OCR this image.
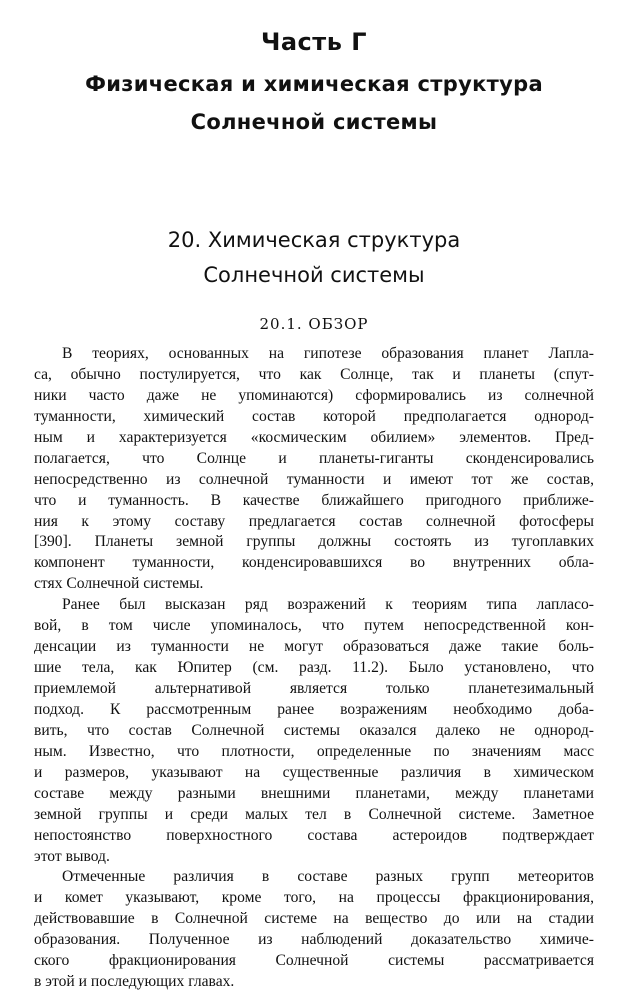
Часть Г
Физическая и химическая структура
Солнечной системы
20. Химическая структура
Солнечной системы
20.1. ОБЗОР
В теориях, основанных на гипотезе образования планет Лапла-
са, обычно постулируется, что как Солнце, так и планеты (спут-
ники часто даже не упоминаются) сформировались из солнечной
туманности, химический состав которой предполагается однород-
ным и характеризуется «космическим обилием» элементов. Пред-
полагается, что Солнце и планеты-гиганты сконденсировались
непосредственно из солнечной туманности и имеют тот же состав,
что и туманность. В качестве ближайшего пригодного приближе-
ния к этому составу предлагается состав солнечной фотосферы
[390]. Планеты земной группы должны состоять из тугоплавких
компонент туманности, конденсировавшихся во внутренних обла-
стях Солнечной системы.
Ранее был высказан ряд возражений к теориям типа лапласо-
вой, в том числе упоминалось, что путем непосредственной кон-
денсации из туманности не могут образоваться даже такие боль-
шие тела, как Юпитер (см. разд. 11.2). Было установлено, что
приемлемой альтернативой является только планетезимальный
подход. К рассмотренным ранее возражениям необходимо доба-
вить, что состав Солнечной системы оказался далеко не однород-
ным. Известно, что плотности, определенные по значениям масс
и размеров, указывают на существенные различия в химическом
составе между разными внешними планетами, между планетами
земной группы и среди малых тел в Солнечной системе. Заметное
непостоянство поверхностного состава астероидов подтверждает
этот вывод.
Отмеченные различия в составе разных групп метеоритов
и комет указывают, кроме того, на процессы фракционирования,
действовавшие в Солнечной системе на вещество до или на стадии
образования. Полученное из наблюдений доказательство химиче-
ского фракционирования Солнечной системы рассматривается
в этой и последующих главах.
